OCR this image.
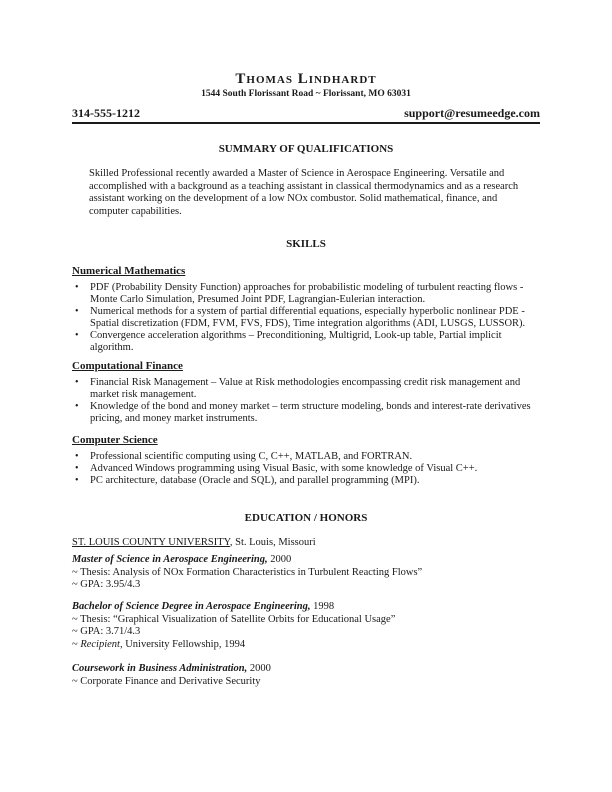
Thomas Lindhardt
1544 South Florissant Road ~ Florissant, MO 63031
314-555-1212	support@resumeedge.com
SUMMARY OF QUALIFICATIONS
Skilled Professional recently awarded a Master of Science in Aerospace Engineering. Versatile and accomplished with a background as a teaching assistant in classical thermodynamics and as a research assistant working on the development of a low NOx combustor. Solid mathematical, finance, and computer capabilities.
SKILLS
Numerical Mathematics
• PDF (Probability Density Function) approaches for probabilistic modeling of turbulent reacting flows - Monte Carlo Simulation, Presumed Joint PDF, Lagrangian-Eulerian interaction.
• Numerical methods for a system of partial differential equations, especially hyperbolic nonlinear PDE - Spatial discretization (FDM, FVM, FVS, FDS), Time integration algorithms (ADI, LUSGS, LUSSOR).
• Convergence acceleration algorithms – Preconditioning, Multigrid, Look-up table, Partial implicit algorithm.
Computational Finance
• Financial Risk Management – Value at Risk methodologies encompassing credit risk management and market risk management.
• Knowledge of the bond and money market – term structure modeling, bonds and interest-rate derivatives pricing, and money market instruments.
Computer Science
• Professional scientific computing using C, C++, MATLAB, and FORTRAN.
• Advanced Windows programming using Visual Basic, with some knowledge of Visual C++.
• PC architecture, database (Oracle and SQL), and parallel programming (MPI).
EDUCATION / HONORS
ST. LOUIS COUNTY UNIVERSITY, St. Louis, Missouri
Master of Science in Aerospace Engineering, 2000
~ Thesis: Analysis of NOx Formation Characteristics in Turbulent Reacting Flows”
~ GPA: 3.95/4.3
Bachelor of Science Degree in Aerospace Engineering, 1998
~ Thesis: “Graphical Visualization of Satellite Orbits for Educational Usage”
~ GPA: 3.71/4.3
~ Recipient, University Fellowship, 1994
Coursework in Business Administration, 2000
~ Corporate Finance and Derivative Security
